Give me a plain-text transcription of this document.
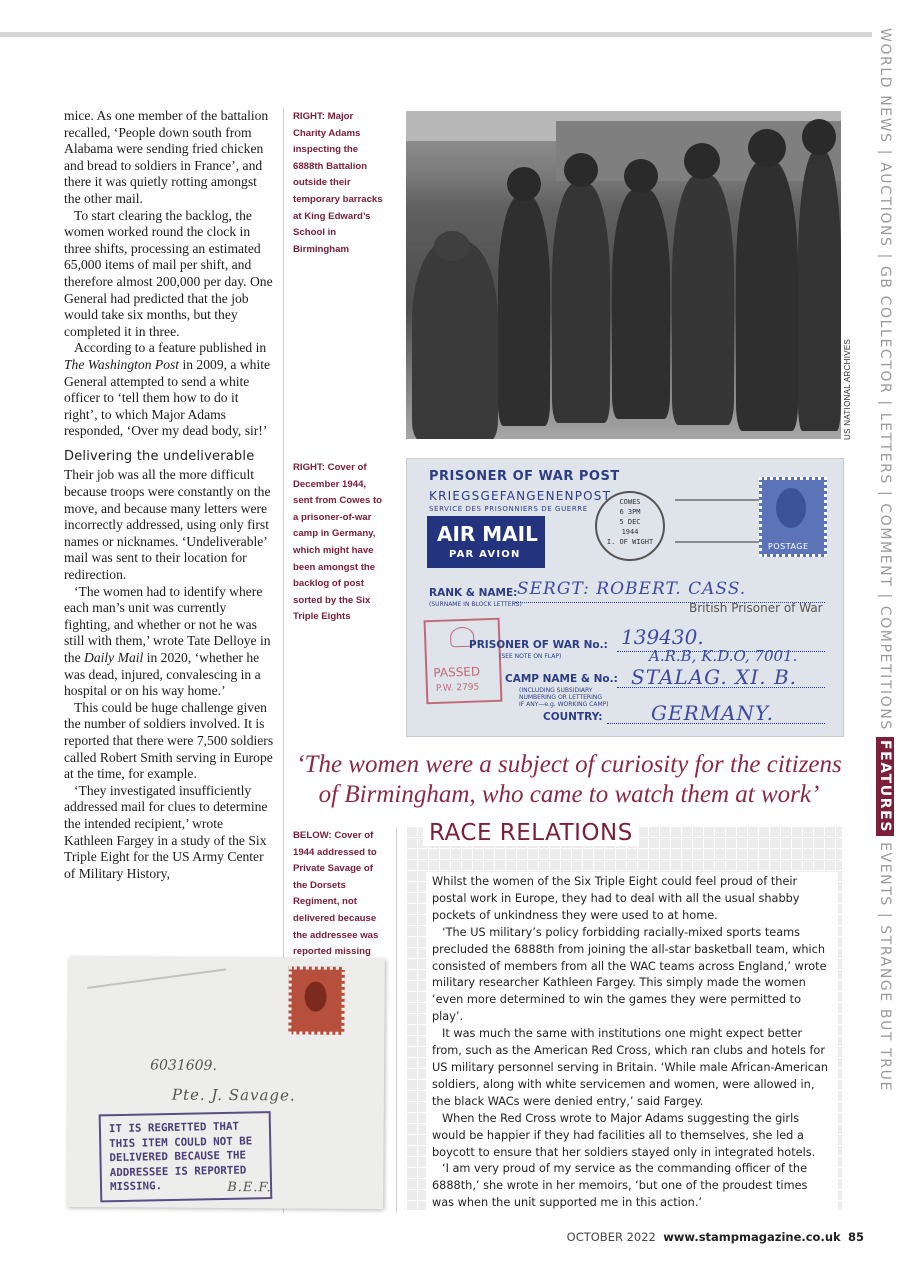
mice. As one member of the battalion recalled, ‘People down south from Alabama were sending fried chicken and bread to soldiers in France’, and there it was quietly rotting amongst the other mail.

To start clearing the backlog, the women worked round the clock in three shifts, processing an estimated 65,000 items of mail per shift, and therefore almost 200,000 per day. One General had predicted that the job would take six months, but they completed it in three.

According to a feature published in The Washington Post in 2009, a white General attempted to send a white officer to ‘tell them how to do it right’, to which Major Adams responded, ‘Over my dead body, sir!’

Delivering the undeliverable

Their job was all the more difficult because troops were constantly on the move, and because many letters were incorrectly addressed, using only first names or nicknames. ‘Undeliverable’ mail was sent to their location for redirection.

‘The women had to identify where each man’s unit was currently fighting, and whether or not he was still with them,’ wrote Tate Delloye in the Daily Mail in 2020, ‘whether he was dead, injured, convalescing in a hospital or on his way home.’

This could be huge challenge given the number of soldiers involved. It is reported that there were 7,500 soldiers called Robert Smith serving in Europe at the time, for example.

‘They investigated insufficiently addressed mail for clues to determine the intended recipient,’ wrote Kathleen Fargey in a study of the Six Triple Eight for the US Army Center of Military History,

RIGHT: Major Charity Adams inspecting the 6888th Battalion outside their temporary barracks at King Edward’s School in Birmingham
RIGHT: Cover of December 1944, sent from Cowes to a prisoner-of-war camp in Germany, which might have been amongst the backlog of post sorted by the Six Triple Eights
BELOW: Cover of 1944 addressed to Private Savage of the Dorsets Regiment, not delivered because the addressee was reported missing
US NATIONAL ARCHIVES
PRISONER OF WAR POST
KRIEGSGEFANGENENPOST
SERVICE DES PRISONNIERS DE GUERRE
AIR MAIL
PAR AVION
COWES
6 3PM
5 DEC
1944
I. OF WIGHT	POSTAGE
RANK & NAME:
(SURNAME IN BLOCK LETTERS)
SERGT: ROBERT. CASS.
British Prisoner of War
PASSED
P.W. 2795
PRISONER OF WAR No.:
(SEE NOTE ON FLAP)
139430.
A.R.B, K.D.O, 7001.
CAMP NAME & No.:
(INCLUDING SUBSIDIARY
NUMBERING OR LETTERING
IF ANY—e.g. WORKING CAMP)
STALAG. XI. B.
COUNTRY: GERMANY.
‘The women were a subject of curiosity for the citizens of Birmingham, who came to watch them at work’
RACE RELATIONS

Whilst the women of the Six Triple Eight could feel proud of their postal work in Europe, they had to deal with all the usual shabby pockets of unkindness they were used to at home.

‘The US military’s policy forbidding racially-mixed sports teams precluded the 6888th from joining the all-star basketball team, which consisted of members from all the WAC teams across England,’ wrote military researcher Kathleen Fargey. This simply made the women ‘even more determined to win the games they were permitted to play’.

It was much the same with institutions one might expect better from, such as the American Red Cross, which ran clubs and hotels for US military personnel serving in Britain. ‘While male African-American soldiers, along with white servicemen and women, were allowed in, the black WACs were denied entry,’ said Fargey.

When the Red Cross wrote to Major Adams suggesting the girls would be happier if they had facilities all to themselves, she led a boycott to ensure that her soldiers stayed only in integrated hotels.

‘I am very proud of my service as the commanding officer of the 6888th,’ she wrote in her memoirs, ‘but one of the proudest times was when the unit supported me in this action.’

6031609.
Pte. J. Savage.
IT IS REGRETTED THAT
THIS ITEM COULD NOT BE
DELIVERED BECAUSE THE
ADDRESSEE IS REPORTED
MISSING.	B.E.F.
WORLD NEWS | AUCTIONS | GB COLLECTOR | LETTERS | COMMENT | COMPETITIONS FEATURES EVENTS | STRANGE BUT TRUE
OCTOBER 2022 www.stampmagazine.co.uk 85
